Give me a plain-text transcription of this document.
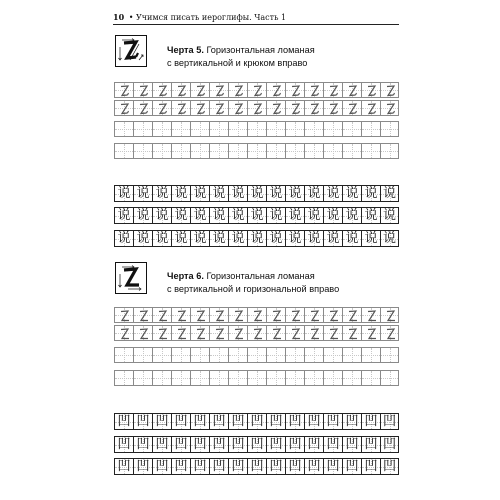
10 • Учимся писать иероглифы. Часть 1
Черта 5. Горизонтальная ломаная
с вертикальной и крюком вправо
说 说 说 说 说 说 说 说 说 说 说 说 说 说 说
说 说 说 说 说 说 说 说 说 说 说 说 说 说 说
说 说 说 说 说 说 说 说 说 说 说 说 说 说 说
Черта 6. Горизонтальная ломаная
с вертикальной и горизональной вправо
凹 凹 凹 凹 凹 凹 凹 凹 凹 凹 凹 凹 凹 凹 凹
凹 凹 凹 凹 凹 凹 凹 凹 凹 凹 凹 凹 凹 凹 凹
凹 凹 凹 凹 凹 凹 凹 凹 凹 凹 凹 凹 凹 凹 凹
